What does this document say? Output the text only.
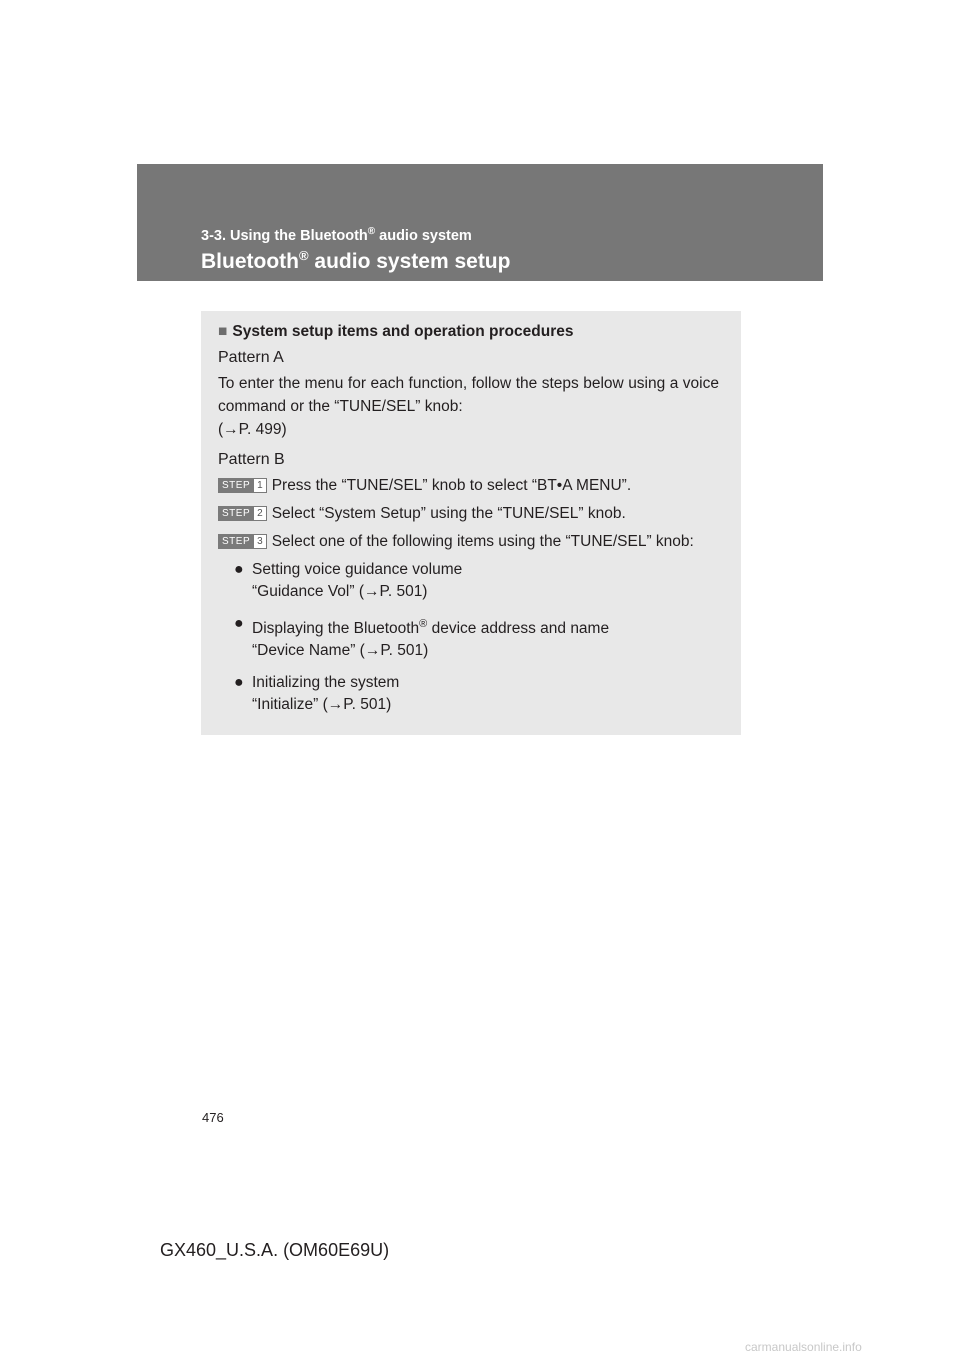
3-3. Using the Bluetooth® audio system

Bluetooth® audio system setup

■ System setup items and operation procedures

Pattern A

To enter the menu for each function, follow the steps below using a voice command or the “TUNE/SEL” knob:

(→P. 499)

Pattern B

STEP 1 Press the “TUNE/SEL” knob to select “BT•A MENU”.
STEP 2 Select “System Setup” using the “TUNE/SEL” knob.
STEP 3 Select one of the following items using the “TUNE/SEL” knob:
● Setting voice guidance volume
“Guidance Vol” (→P. 501)
● Displaying the Bluetooth® device address and name
“Device Name” (→P. 501)
● Initializing the system
“Initialize” (→P. 501)

476

GX460_U.S.A. (OM60E69U)

carmanualsonline.info
